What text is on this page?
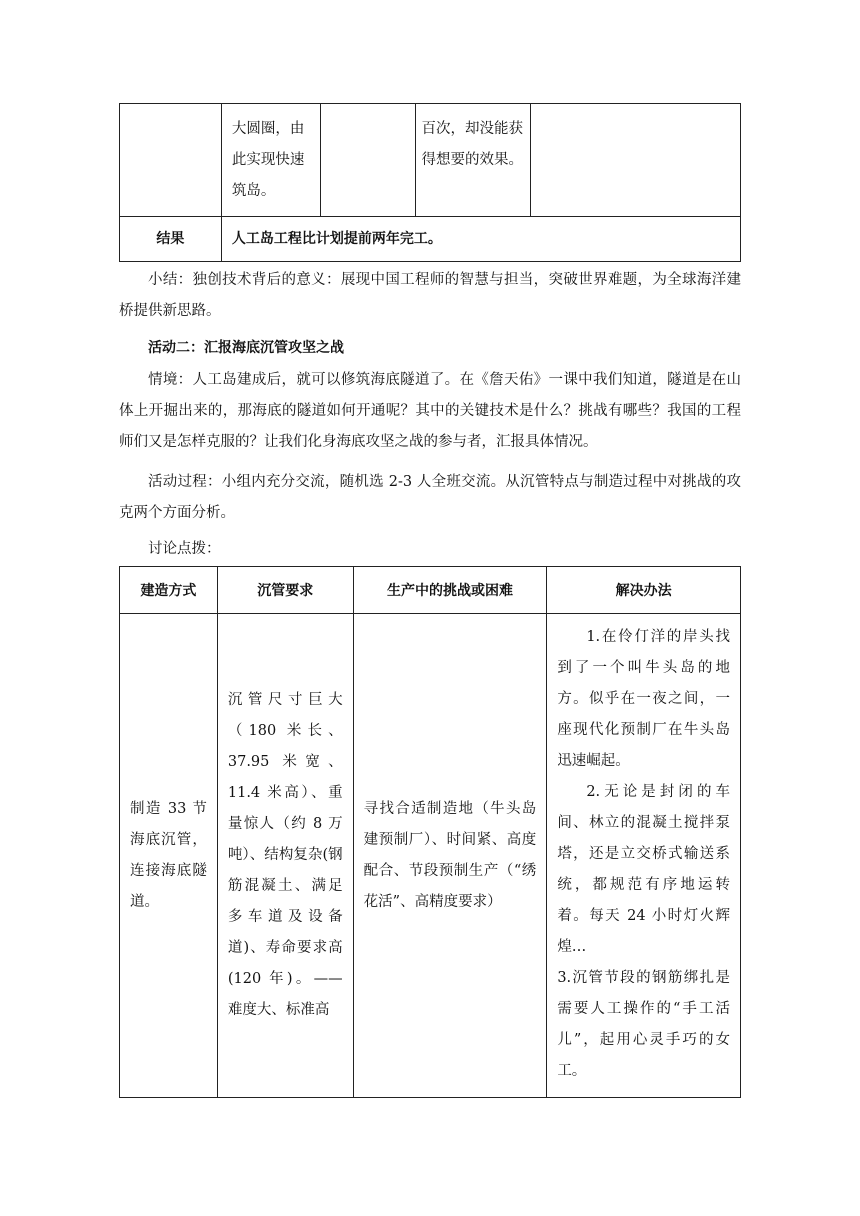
	大圆圈，由此实现快速筑岛。		百次，却没能获得想要的效果。	
结果	人工岛工程比计划提前两年完工。			

小结：独创技术背后的意义：展现中国工程师的智慧与担当，突破世界难题，为全球海洋建桥提供新思路。

活动二：汇报海底沉管攻坚之战

情境：人工岛建成后，就可以修筑海底隧道了。在《詹天佑》一课中我们知道，隧道是在山体上开掘出来的，那海底的隧道如何开通呢？其中的关键技术是什么？挑战有哪些？我国的工程师们又是怎样克服的？让我们化身海底攻坚之战的参与者，汇报具体情况。

活动过程：小组内充分交流，随机选 2-3 人全班交流。从沉管特点与制造过程中对挑战的攻克两个方面分析。

讨论点拨：

建造方式	沉管要求	生产中的挑战或困难	解决办法
制造 33 节海底沉管，连接海底隧道。	沉管尺寸巨大（180 米长、37.95 米宽、11.4 米高）、重量惊人（约 8 万吨）、结构复杂(钢筋混凝土、满足多车道及设备道)、寿命要求高(120 年)。——难度大、标准高	寻找合适制造地（牛头岛建预制厂）、时间紧、高度配合、节段预制生产（“绣花活”、高精度要求）	1.在伶仃洋的岸头找到了一个叫牛头岛的地方。似乎在一夜之间，一座现代化预制厂在牛头岛迅速崛起。

2.无论是封闭的车间、林立的混凝土搅拌泵塔，还是立交桥式输送系统，都规范有序地运转着。每天 24 小时灯火辉煌…

3.沉管节段的钢筋绑扎是需要人工操作的“手工活儿”，起用心灵手巧的女工。
